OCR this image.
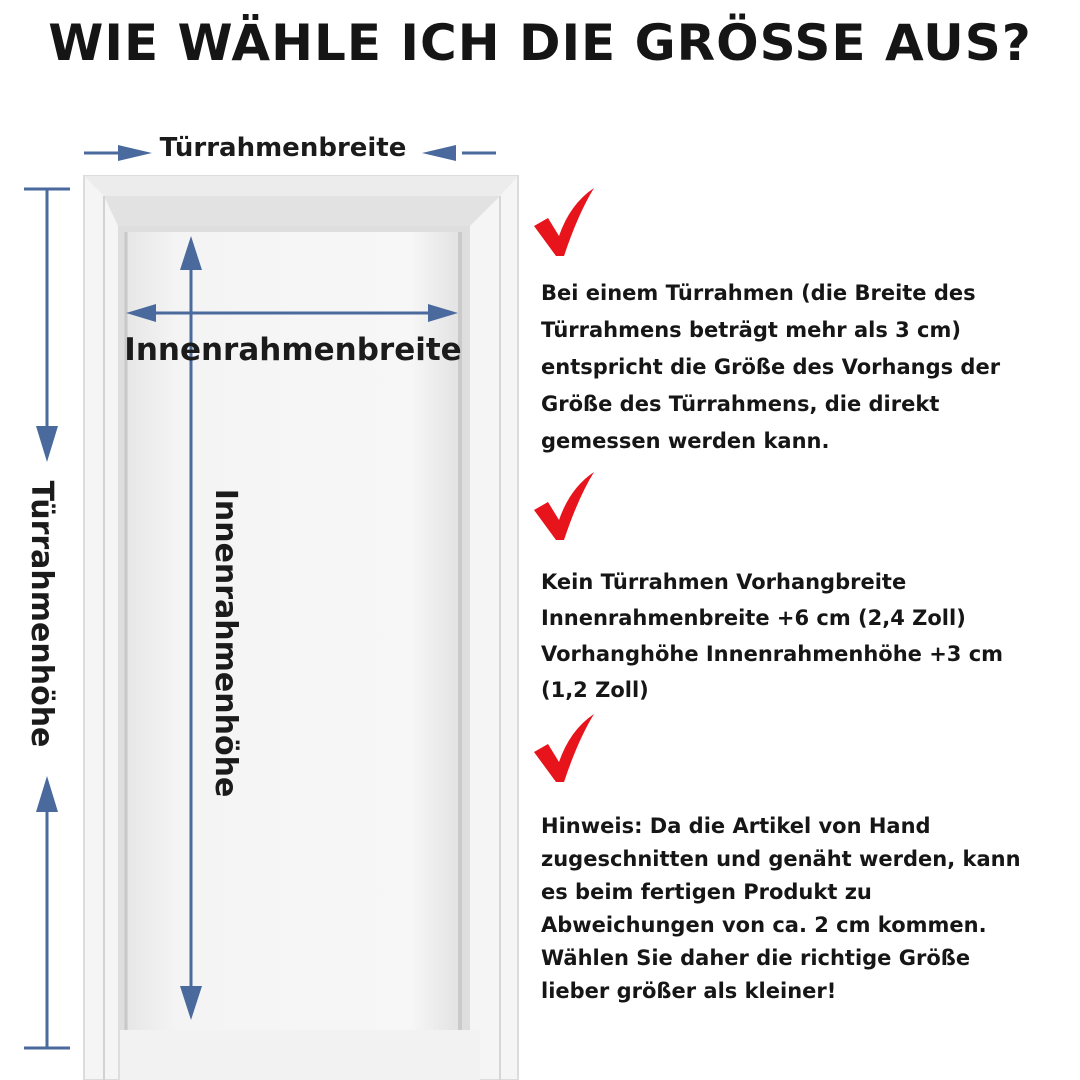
WIE WÄHLE ICH DIE GRÖSSE AUS?
Türrahmenbreite
Innenrahmenbreite
Türrahmenhöhe	Innenrahmenhöhe
Bei einem Türrahmen (die Breite des
Türrahmens beträgt mehr als 3 cm)
entspricht die Größe des Vorhangs der
Größe des Türrahmens, die direkt
gemessen werden kann.
Kein Türrahmen Vorhangbreite
Innenrahmenbreite +6 cm (2,4 Zoll)
Vorhanghöhe Innenrahmenhöhe +3 cm
(1,2 Zoll)
Hinweis: Da die Artikel von Hand
zugeschnitten und genäht werden, kann
es beim fertigen Produkt zu
Abweichungen von ca. 2 cm kommen.
Wählen Sie daher die richtige Größe
lieber größer als kleiner!
